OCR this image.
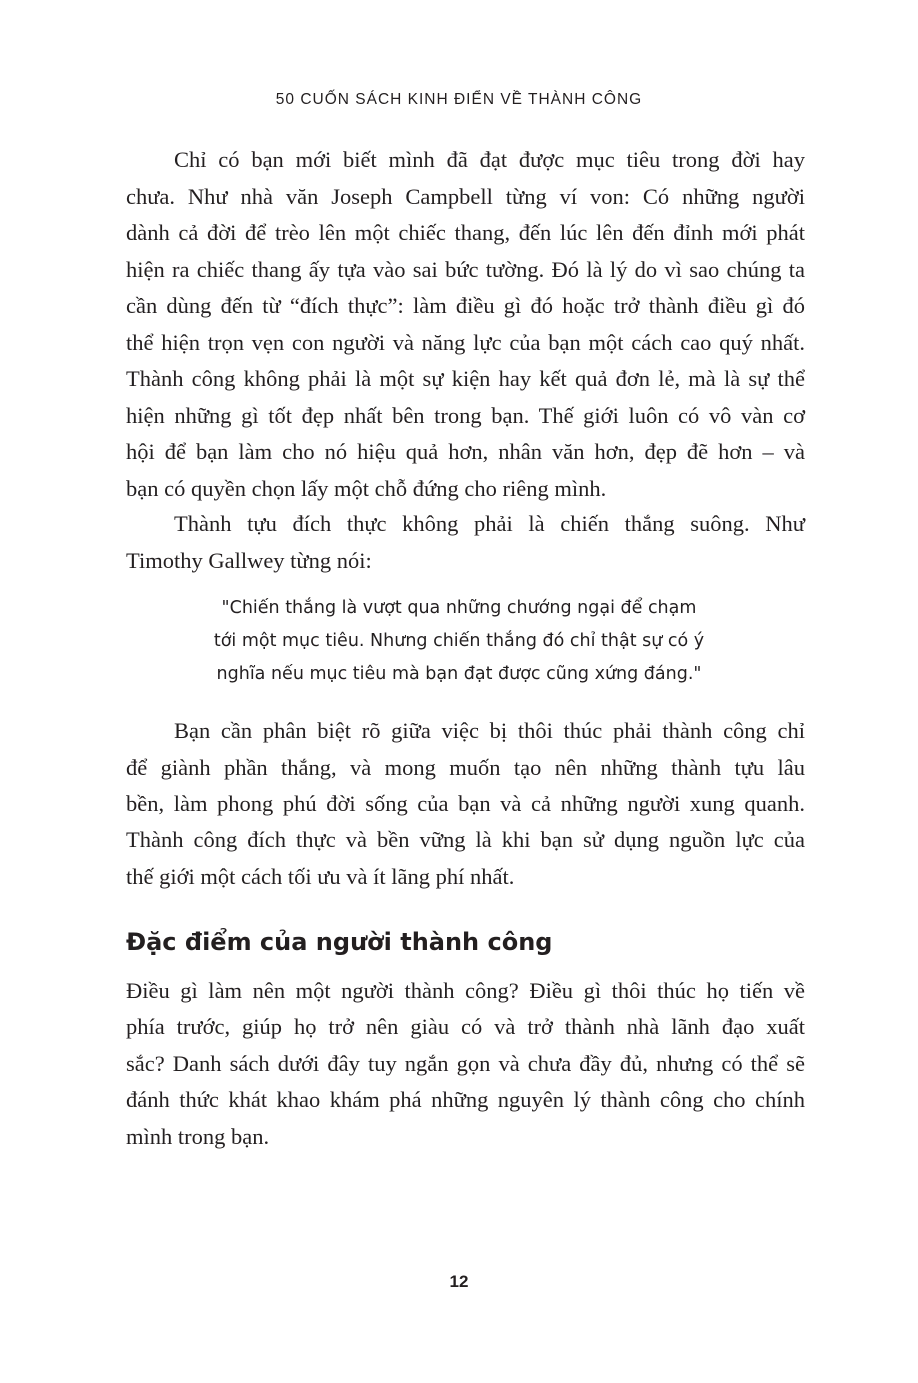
50 CUỐN SÁCH KINH ĐIỂN VỀ THÀNH CÔNG
Chỉ có bạn mới biết mình đã đạt được mục tiêu trong đời hay
chưa. Như nhà văn Joseph Campbell từng ví von: Có những người
dành cả đời để trèo lên một chiếc thang, đến lúc lên đến đỉnh mới phát
hiện ra chiếc thang ấy tựa vào sai bức tường. Đó là lý do vì sao chúng ta
cần dùng đến từ “đích thực”: làm điều gì đó hoặc trở thành điều gì đó
thể hiện trọn vẹn con người và năng lực của bạn một cách cao quý nhất.
Thành công không phải là một sự kiện hay kết quả đơn lẻ, mà là sự thể
hiện những gì tốt đẹp nhất bên trong bạn. Thế giới luôn có vô vàn cơ
hội để bạn làm cho nó hiệu quả hơn, nhân văn hơn, đẹp đẽ hơn – và
bạn có quyền chọn lấy một chỗ đứng cho riêng mình.
Thành tựu đích thực không phải là chiến thắng suông. Như
Timothy Gallwey từng nói:
"Chiến thắng là vượt qua những chướng ngại để chạm
tới một mục tiêu. Nhưng chiến thắng đó chỉ thật sự có ý
nghĩa nếu mục tiêu mà bạn đạt được cũng xứng đáng."
Bạn cần phân biệt rõ giữa việc bị thôi thúc phải thành công chỉ
để giành phần thắng, và mong muốn tạo nên những thành tựu lâu
bền, làm phong phú đời sống của bạn và cả những người xung quanh.
Thành công đích thực và bền vững là khi bạn sử dụng nguồn lực của
thế giới một cách tối ưu và ít lãng phí nhất.
Đặc điểm của người thành công
Điều gì làm nên một người thành công? Điều gì thôi thúc họ tiến về
phía trước, giúp họ trở nên giàu có và trở thành nhà lãnh đạo xuất
sắc? Danh sách dưới đây tuy ngắn gọn và chưa đầy đủ, nhưng có thể sẽ
đánh thức khát khao khám phá những nguyên lý thành công cho chính
mình trong bạn.
12
